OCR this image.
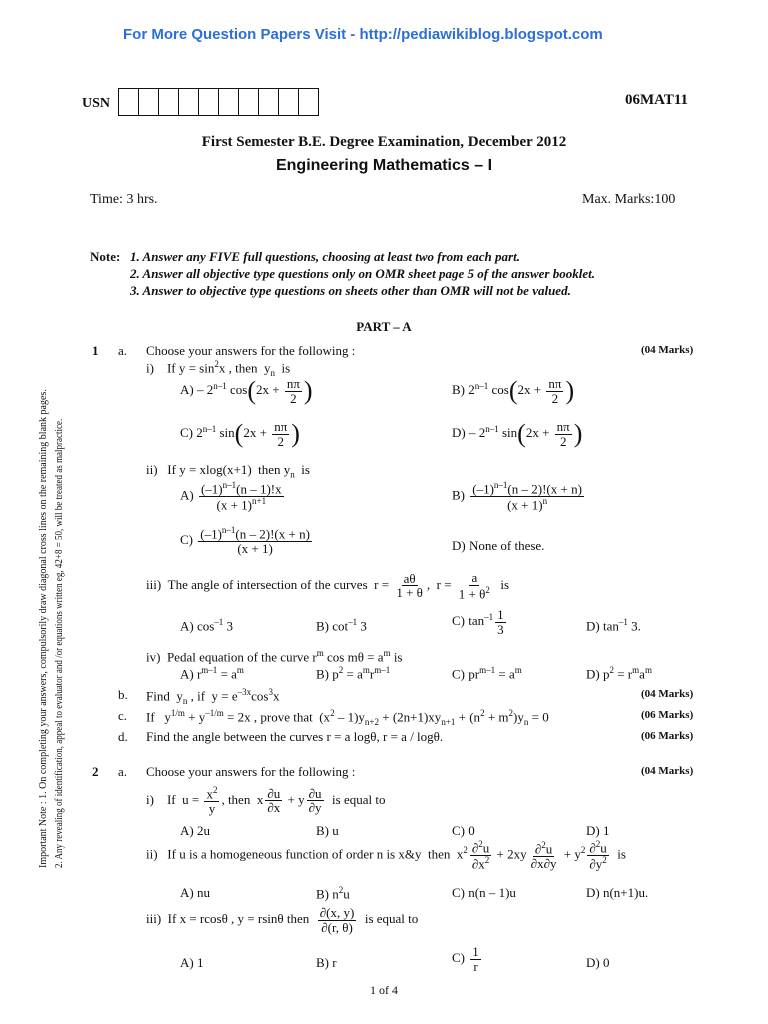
For More Question Papers Visit - http://pediawikiblog.blogspot.com
USN	06MAT11
First Semester B.E. Degree Examination, December 2012
Engineering Mathematics – I
Time: 3 hrs.	Max. Marks:100
Important Note : 1. On completing your answers, compulsorily draw diagonal cross lines on the remaining blank pages. 2. Any revealing of identification, appeal to evaluator and /or equations written eg, 42+8 = 50, will be treated as malpractice.
Note: 1. Answer any FIVE full questions, choosing at least two from each part.
2. Answer all objective type questions only on OMR sheet page 5 of the answer booklet.
3. Answer to objective type questions on sheets other than OMR will not be valued.
PART – A
1 a. Choose your answers for the following :	(04 Marks)
i)    If $y = \sin^2x$ , then  $y_n$  is
A) – 2$^{n-1}$ $\cos(2x + \frac{n\pi}{2}$ )	B) 2$^{n-1}$ $\cos(2x + \frac{n\pi}{2}$ )
C) 2$^{n-1}$ $\sin(2x + \frac{n\pi}{2}$ )	D) – 2$^{n-1}$ $\sin(2x + \frac{n\pi}{2}$ )
ii)   If y = xlog(x+1)  then $y_n$  is
$A) \frac{(-1)^{n-1}(n - 1)!x}{(x + 1)^{n+1}}$	$B) \frac{(-1)^{n-1}(n - 2)!(x + n)}{(x + 1)^n}$
$C) \frac{(-1)^{n-1}(n - 2)!(x + n)}{(x + 1)}$	D) None of these.
iii)  The angle of intersection of the curves  $r = \frac{a\theta}{1 + \theta}$ ,  $r = \frac{a}{1 + \theta^2}$ is
A) $\cos^{-1} 3$	B) $\cot^{-1} 3$	C) $\tan^{-1} \frac{1}{3}$	D) $\tan^{-1} 3$.
iv)  Pedal equation of the curve $r^m$ $\cos m\theta = a^m$ is
A) $r^{m-1} = a^m$	B) $p^2 = a^mr^{m-1}$	C) $pr^{m-1} = a^m$	D) $p^2 = r^ma^m$
b. Find  $y_n$ , if  $y = e^{-3x}\cos^3x$	(04 Marks)
c. If   $y^{1/m} + y^{-1/m} = 2x$ , prove that  $(x^2 - 1)y_{n+2} + (2n+1)xy_{n+1} + (n^2 + m^2)y_n = 0$	(06 Marks)
d. Find the angle between the curves r = a logθ, r = a / logθ.	(06 Marks)
2 a. Choose your answers for the following :	(04 Marks)
i)    If  $u = \frac{x^2}{y}$ , then  x $\frac{\partial u}{\partial x} + y \frac{\partial u}{\partial y}$ is equal to
A) 2u	B) u	C) 0	D) 1
ii)   If u is a homogeneous function of order n is x&y  then  $x^2 \frac{\partial^2u}{\partial x^2} + 2xy \frac{\partial^2u}{\partial x\partial y} + y^2 \frac{\partial^2u}{\partial y^2}$ is
A) nu	B) $n^2u$	C) n(n – 1)u	D) n(n+1)u.
iii)  If x = rcosθ , y = rsinθ then $\frac{\partial(x, y)}{\partial(r, \theta)}$ is equal to
A) 1	B) r	$C) \frac{1}{r}$	D) 0
1 of 4
